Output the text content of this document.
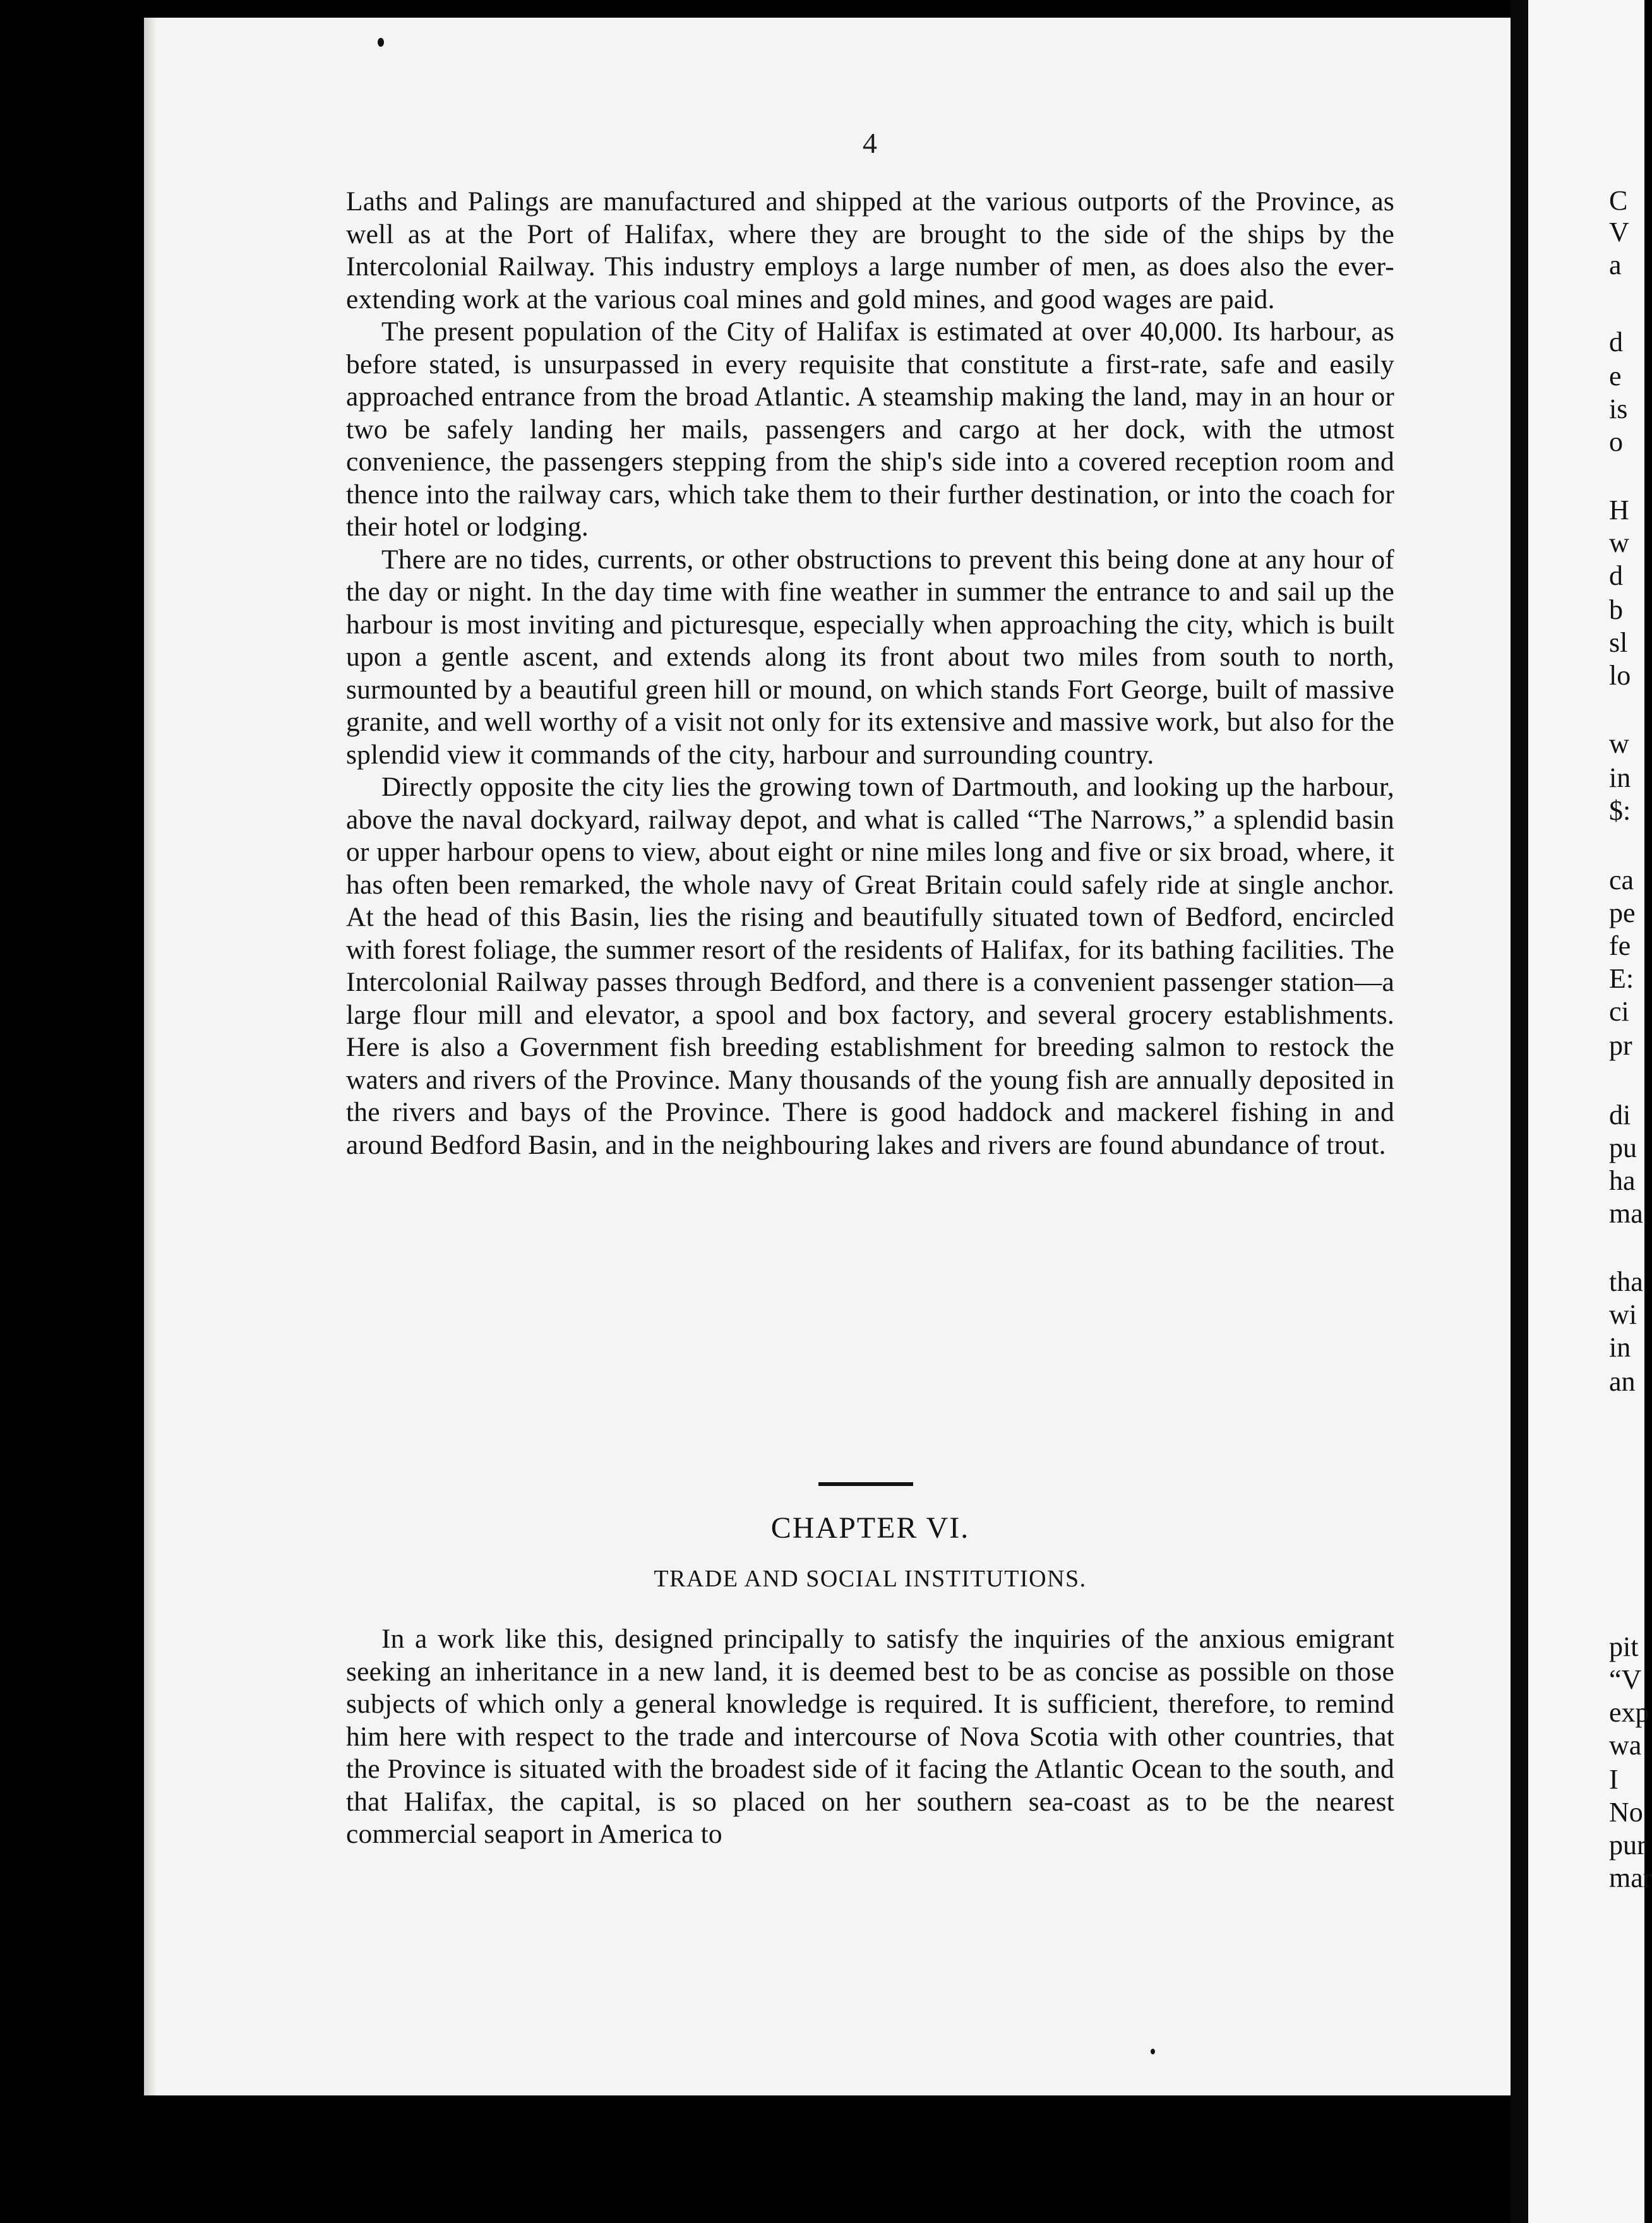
4

Laths and Palings are manufactured and shipped at the various outports of the Province, as well as at the Port of Halifax, where they are brought to the side of the ships by the Intercolonial Railway. This industry employs a large number of men, as does also the ever-extending work at the various coal mines and gold mines, and good wages are paid.

The present population of the City of Halifax is estimated at over 40,000. Its harbour, as before stated, is unsurpassed in every requisite that constitute a first-rate, safe and easily approached entrance from the broad Atlantic. A steamship making the land, may in an hour or two be safely landing her mails, passengers and cargo at her dock, with the utmost convenience, the passengers stepping from the ship's side into a covered reception room and thence into the railway cars, which take them to their further destination, or into the coach for their hotel or lodging.

There are no tides, currents, or other obstructions to prevent this being done at any hour of the day or night. In the day time with fine weather in summer the entrance to and sail up the harbour is most inviting and picturesque, especially when approaching the city, which is built upon a gentle ascent, and extends along its front about two miles from south to north, surmounted by a beautiful green hill or mound, on which stands Fort George, built of massive granite, and well worthy of a visit not only for its extensive and massive work, but also for the splendid view it commands of the city, harbour and surrounding country.

Directly opposite the city lies the growing town of Dartmouth, and looking up the harbour, above the naval dockyard, railway depot, and what is called “The Narrows,” a splendid basin or upper harbour opens to view, about eight or nine miles long and five or six broad, where, it has often been remarked, the whole navy of Great Britain could safely ride at single anchor. At the head of this Basin, lies the rising and beautifully situated town of Bedford, encircled with forest foliage, the summer resort of the residents of Halifax, for its bathing facilities. The Intercolonial Railway passes through Bedford, and there is a convenient passenger station—a large flour mill and elevator, a spool and box factory, and several grocery establishments. Here is also a Government fish breeding establishment for breeding salmon to restock the waters and rivers of the Province. Many thousands of the young fish are annually deposited in the rivers and bays of the Province. There is good haddock and mackerel fishing in and around Bedford Basin, and in the neighbouring lakes and rivers are found abundance of trout.

CHAPTER VI.
TRADE AND SOCIAL INSTITUTIONS.

In a work like this, designed principally to satisfy the inquiries of the anxious emigrant seeking an inheritance in a new land, it is deemed best to be as concise as possible on those subjects of which only a general knowledge is required. It is sufficient, therefore, to remind him here with respect to the trade and intercourse of Nova Scotia with other countries, that the Province is situated with the broadest side of it facing the Atlantic Ocean to the south, and that Halifax, the capital, is so placed on her southern sea-coast as to be the nearest commercial seaport in America to

C
V
a
d
e
is
o
H
w
d
b
sl
lo
w
in
$:
ca
pe
fe
E:
ci
pr
di
pu
ha
ma
tha
wi
in
an
pit
“V
exp
wa
I
No
pur
mar
